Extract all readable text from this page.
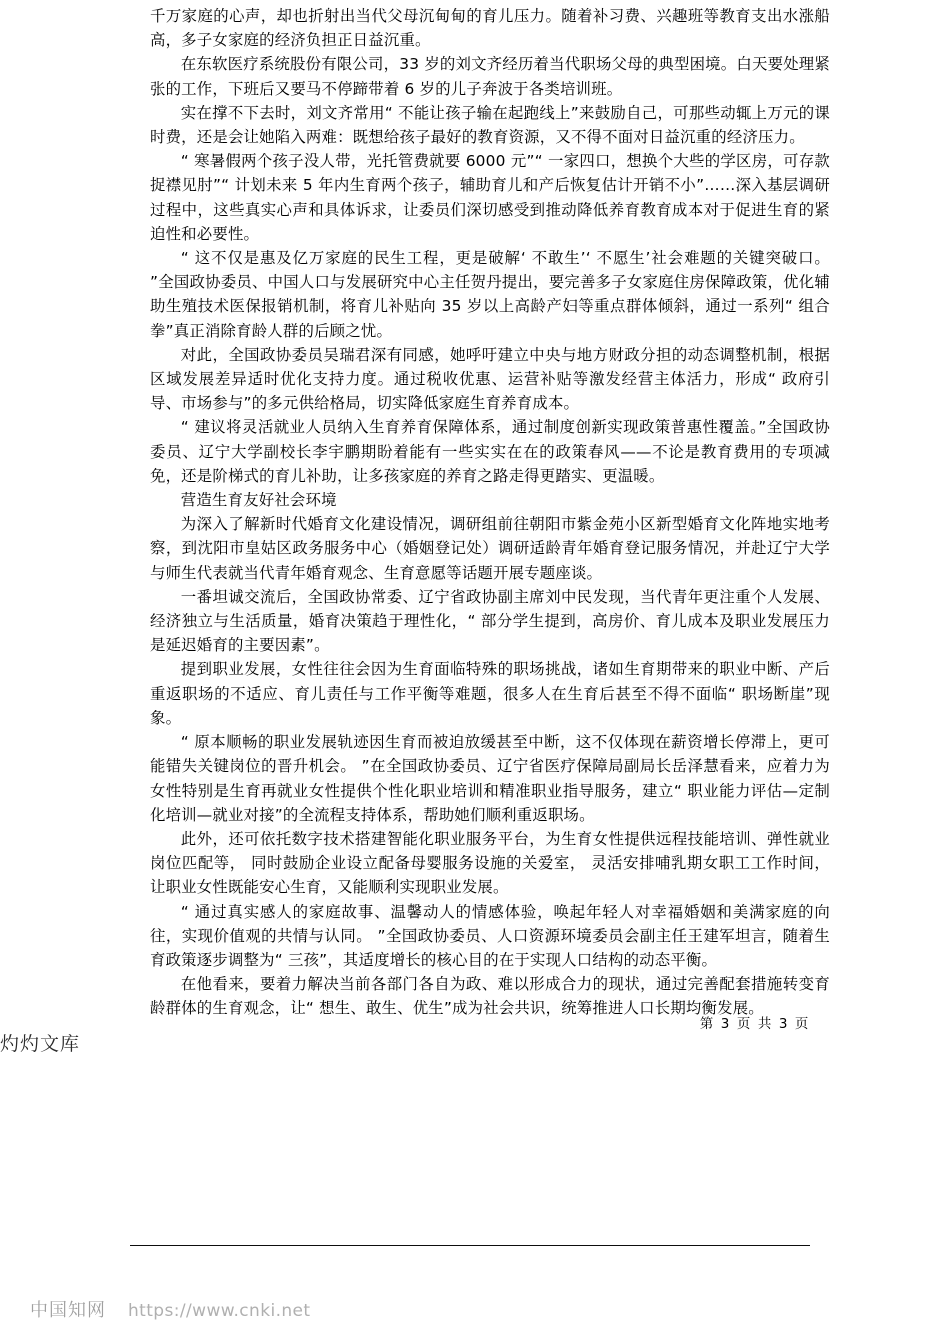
千万家庭的心声，却也折射出当代父母沉甸甸的育儿压力。随着补习费、兴趣班等教育支出水涨船高，多子女家庭的经济负担正日益沉重。

在东软医疗系统股份有限公司，33 岁的刘文齐经历着当代职场父母的典型困境。白天要处理紧张的工作，下班后又要马不停蹄带着 6 岁的儿子奔波于各类培训班。

实在撑不下去时，刘文齐常用“ 不能让孩子输在起跑线上”来鼓励自己，可那些动辄上万元的课时费，还是会让她陷入两难：既想给孩子最好的教育资源，又不得不面对日益沉重的经济压力。

“ 寒暑假两个孩子没人带，光托管费就要 6000 元”“ 一家四口，想换个大些的学区房，可存款捉襟见肘”“ 计划未来 5 年内生育两个孩子，辅助育儿和产后恢复估计开销不小”……深入基层调研过程中，这些真实心声和具体诉求，让委员们深切感受到推动降低养育教育成本对于促进生育的紧迫性和必要性。

“ 这不仅是惠及亿万家庭的民生工程，更是破解‘ 不敢生’‘ 不愿生’社会难题的关键突破口。 ”全国政协委员、中国人口与发展研究中心主任贺丹提出，要完善多子女家庭住房保障政策，优化辅助生殖技术医保报销机制，将育儿补贴向 35 岁以上高龄产妇等重点群体倾斜，通过一系列“ 组合拳”真正消除育龄人群的后顾之忧。

对此，全国政协委员吴瑞君深有同感，她呼吁建立中央与地方财政分担的动态调整机制，根据区域发展差异适时优化支持力度。通过税收优惠、运营补贴等激发经营主体活力，形成“ 政府引导、市场参与”的多元供给格局，切实降低家庭生育养育成本。

“ 建议将灵活就业人员纳入生育养育保障体系，通过制度创新实现政策普惠性覆盖。”全国政协委员、辽宁大学副校长李宇鹏期盼着能有一些实实在在的政策春风——不论是教育费用的专项减免，还是阶梯式的育儿补助，让多孩家庭的养育之路走得更踏实、更温暖。

营造生育友好社会环境

为深入了解新时代婚育文化建设情况，调研组前往朝阳市紫金苑小区新型婚育文化阵地实地考察，到沈阳市皇姑区政务服务中心（婚姻登记处）调研适龄青年婚育登记服务情况，并赴辽宁大学与师生代表就当代青年婚育观念、生育意愿等话题开展专题座谈。

一番坦诚交流后，全国政协常委、辽宁省政协副主席刘中民发现，当代青年更注重个人发展、经济独立与生活质量，婚育决策趋于理性化，“ 部分学生提到，高房价、育儿成本及职业发展压力是延迟婚育的主要因素”。

提到职业发展，女性往往会因为生育面临特殊的职场挑战，诸如生育期带来的职业中断、产后重返职场的不适应、育儿责任与工作平衡等难题，很多人在生育后甚至不得不面临“ 职场断崖”现象。

“ 原本顺畅的职业发展轨迹因生育而被迫放缓甚至中断，这不仅体现在薪资增长停滞上，更可能错失关键岗位的晋升机会。 ”在全国政协委员、辽宁省医疗保障局副局长岳泽慧看来，应着力为女性特别是生育再就业女性提供个性化职业培训和精准职业指导服务，建立“ 职业能力评估—定制化培训—就业对接”的全流程支持体系，帮助她们顺利重返职场。

此外，还可依托数字技术搭建智能化职业服务平台，为生育女性提供远程技能培训、弹性就业岗位匹配等， 同时鼓励企业设立配备母婴服务设施的关爱室， 灵活安排哺乳期女职工工作时间，让职业女性既能安心生育，又能顺利实现职业发展。

“ 通过真实感人的家庭故事、温馨动人的情感体验，唤起年轻人对幸福婚姻和美满家庭的向往，实现价值观的共情与认同。 ”全国政协委员、人口资源环境委员会副主任王建军坦言，随着生育政策逐步调整为“ 三孩”，其适度增长的核心目的在于实现人口结构的动态平衡。

在他看来，要着力解决当前各部门各自为政、难以形成合力的现状，通过完善配套措施转变育龄群体的生育观念，让“ 想生、敢生、优生”成为社会共识，统筹推进人口长期均衡发展。

第 3 页 共 3 页
灼灼文库
中国知网 https://www.cnki.net
